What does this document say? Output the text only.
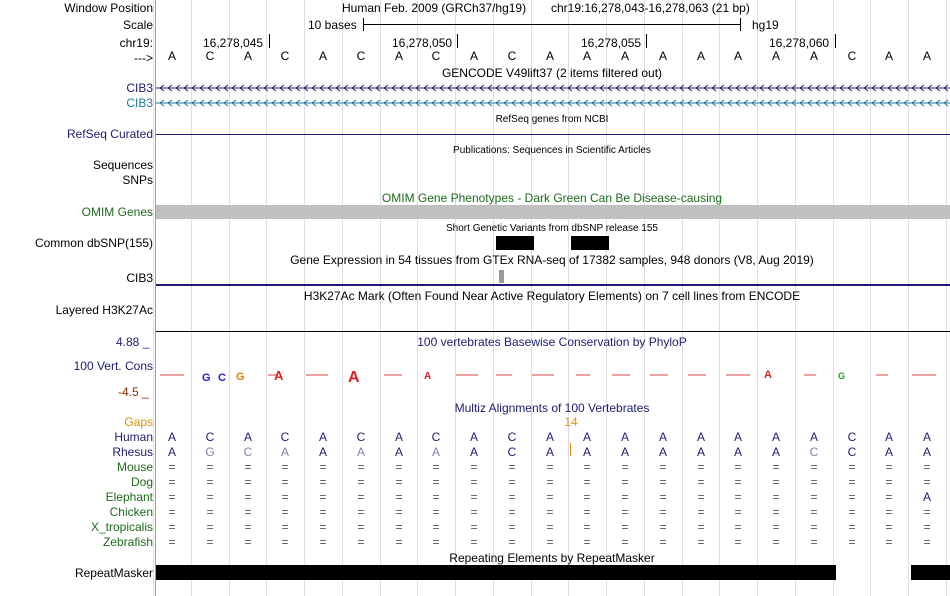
Window Position
Scale
chr19:
--->
Human Feb. 2009 (GRCh37/hg19) chr19:16,278,043-16,278,063 (21 bp)
10 bases	hg19
16,278,045	16,278,050	16,278,055	16,278,060
A	C	A	C	A	C	A	C	A	C	A	A	A	A	A	A	A	A	C	A	A
GENCODE V49lift37 (2 items filtered out)
CIB3
CIB3
RefSeq genes from NCBI
RefSeq Curated
Publications: Sequences in Scientific Articles
Sequences
SNPs
OMIM Gene Phenotypes - Dark Green Can Be Disease-causing
OMIM Genes
Short Genetic Variants from dbSNP release 155
Common dbSNP(155)
Gene Expression in 54 tissues from GTEx RNA-seq of 17382 samples, 948 donors (V8, Aug 2019)
CIB3
H3K27Ac Mark (Often Found Near Active Regulatory Elements) on 7 cell lines from ENCODE
Layered H3K27Ac
100 vertebrates Basewise Conservation by PhyloP
4.88 _
100 Vert. Cons
-4.5 _
G C G A	A	A	A	G
Multiz Alignments of 100 Vertebrates
Gaps	14
Human	A	C	A	C	A	C	A	C	A	C	A	A	A	A	A	A	A	A	C	A	A
Rhesus	A	G	C	A	A	A	A	A	A	C	A	A	A	A	A	A	A	C	C	A	A
Mouse	=	=	=	=	=	=	=	=	=	=	=	=	=	=	=	=	=	=	=	=	=
Dog	=	=	=	=	=	=	=	=	=	=	=	=	=	=	=	=	=	=	=	=	=
Elephant	=	=	=	=	=	=	=	=	=	=	=	=	=	=	=	=	=	=	=	=	A
Chicken	=	=	=	=	=	=	=	=	=	=	=	=	=	=	=	=	=	=	=	=	=
X_tropicalis	=	=	=	=	=	=	=	=	=	=	=	=	=	=	=	=	=	=	=	=	=
Zebrafish	=	=	=	=	=	=	=	=	=	=	=	=	=	=	=	=	=	=	=	=	=
Repeating Elements by RepeatMasker
RepeatMasker
